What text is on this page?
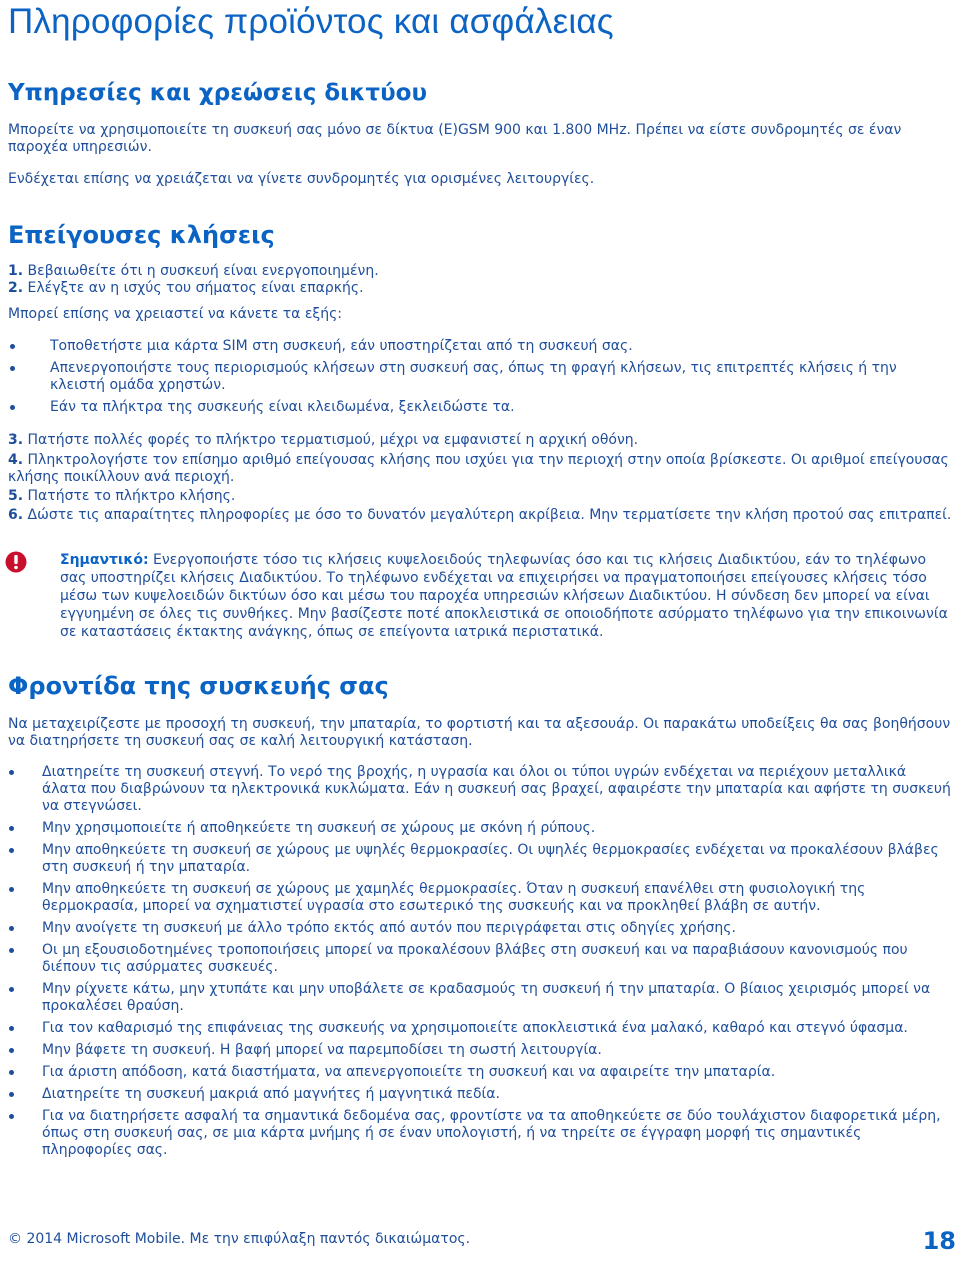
Πληροφορίες προϊόντος και ασφάλειας
Υπηρεσίες και χρεώσεις δικτύου
Μπορείτε να χρησιμοποιείτε τη συσκευή σας μόνο σε δίκτυα (E)GSM 900 και 1.800 MHz. Πρέπει να είστε συνδρομητές σε έναν παροχέα υπηρεσιών.
Ενδέχεται επίσης να χρειάζεται να γίνετε συνδρομητές για ορισμένες λειτουργίες.
Επείγουσες κλήσεις
1. Βεβαιωθείτε ότι η συσκευή είναι ενεργοποιημένη.
2. Ελέγξτε αν η ισχύς του σήματος είναι επαρκής.
Μπορεί επίσης να χρειαστεί να κάνετε τα εξής:
Τοποθετήστε μια κάρτα SIM στη συσκευή, εάν υποστηρίζεται από τη συσκευή σας.
Απενεργοποιήστε τους περιορισμούς κλήσεων στη συσκευή σας, όπως τη φραγή κλήσεων, τις επιτρεπτές κλήσεις ή την κλειστή ομάδα χρηστών.
Εάν τα πλήκτρα της συσκευής είναι κλειδωμένα, ξεκλειδώστε τα.
3. Πατήστε πολλές φορές το πλήκτρο τερματισμού, μέχρι να εμφανιστεί η αρχική οθόνη.
4. Πληκτρολογήστε τον επίσημο αριθμό επείγουσας κλήσης που ισχύει για την περιοχή στην οποία βρίσκεστε. Οι αριθμοί επείγουσας κλήσης ποικίλλουν ανά περιοχή.
5. Πατήστε το πλήκτρο κλήσης.
6. Δώστε τις απαραίτητες πληροφορίες με όσο το δυνατόν μεγαλύτερη ακρίβεια. Μην τερματίσετε την κλήση προτού σας επιτραπεί.
Σημαντικό: Ενεργοποιήστε τόσο τις κλήσεις κυψελοειδούς τηλεφωνίας όσο και τις κλήσεις Διαδικτύου, εάν το τηλέφωνο σας υποστηρίζει κλήσεις Διαδικτύου. Το τηλέφωνο ενδέχεται να επιχειρήσει να πραγματοποιήσει επείγουσες κλήσεις τόσο μέσω των κυψελοειδών δικτύων όσο και μέσω του παροχέα υπηρεσιών κλήσεων Διαδικτύου. Η σύνδεση δεν μπορεί να είναι εγγυημένη σε όλες τις συνθήκες. Μην βασίζεστε ποτέ αποκλειστικά σε οποιοδήποτε ασύρματο τηλέφωνο για την επικοινωνία σε καταστάσεις έκτακτης ανάγκης, όπως σε επείγοντα ιατρικά περιστατικά.
Φροντίδα της συσκευής σας
Να μεταχειρίζεστε με προσοχή τη συσκευή, την μπαταρία, το φορτιστή και τα αξεσουάρ. Οι παρακάτω υποδείξεις θα σας βοηθήσουν να διατηρήσετε τη συσκευή σας σε καλή λειτουργική κατάσταση.
Διατηρείτε τη συσκευή στεγνή. Το νερό της βροχής, η υγρασία και όλοι οι τύποι υγρών ενδέχεται να περιέχουν μεταλλικά άλατα που διαβρώνουν τα ηλεκτρονικά κυκλώματα. Εάν η συσκευή σας βραχεί, αφαιρέστε την μπαταρία και αφήστε τη συσκευή να στεγνώσει.
Μην χρησιμοποιείτε ή αποθηκεύετε τη συσκευή σε χώρους με σκόνη ή ρύπους.
Μην αποθηκεύετε τη συσκευή σε χώρους με υψηλές θερμοκρασίες. Οι υψηλές θερμοκρασίες ενδέχεται να προκαλέσουν βλάβες στη συσκευή ή την μπαταρία.
Μην αποθηκεύετε τη συσκευή σε χώρους με χαμηλές θερμοκρασίες. Όταν η συσκευή επανέλθει στη φυσιολογική της θερμοκρασία, μπορεί να σχηματιστεί υγρασία στο εσωτερικό της συσκευής και να προκληθεί βλάβη σε αυτήν.
Μην ανοίγετε τη συσκευή με άλλο τρόπο εκτός από αυτόν που περιγράφεται στις οδηγίες χρήσης.
Οι μη εξουσιοδοτημένες τροποποιήσεις μπορεί να προκαλέσουν βλάβες στη συσκευή και να παραβιάσουν κανονισμούς που διέπουν τις ασύρματες συσκευές.
Μην ρίχνετε κάτω, μην χτυπάτε και μην υποβάλετε σε κραδασμούς τη συσκευή ή την μπαταρία. Ο βίαιος χειρισμός μπορεί να προκαλέσει θραύση.
Για τον καθαρισμό της επιφάνειας της συσκευής να χρησιμοποιείτε αποκλειστικά ένα μαλακό, καθαρό και στεγνό ύφασμα.
Μην βάφετε τη συσκευή. Η βαφή μπορεί να παρεμποδίσει τη σωστή λειτουργία.
Για άριστη απόδοση, κατά διαστήματα, να απενεργοποιείτε τη συσκευή και να αφαιρείτε την μπαταρία.
Διατηρείτε τη συσκευή μακριά από μαγνήτες ή μαγνητικά πεδία.
Για να διατηρήσετε ασφαλή τα σημαντικά δεδομένα σας, φροντίστε να τα αποθηκεύετε σε δύο τουλάχιστον διαφορετικά μέρη, όπως στη συσκευή σας, σε μια κάρτα μνήμης ή σε έναν υπολογιστή, ή να τηρείτε σε έγγραφη μορφή τις σημαντικές πληροφορίες σας.
© 2014 Microsoft Mobile. Με την επιφύλαξη παντός δικαιώματος.	18
